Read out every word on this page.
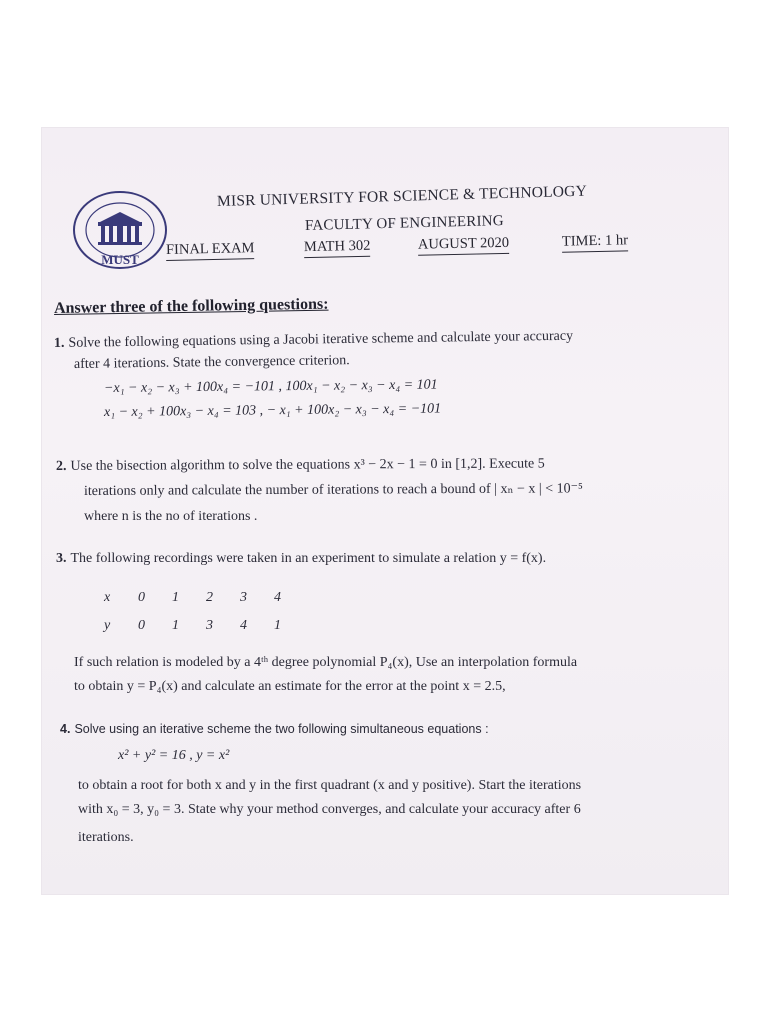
MUST
MISR UNIVERSITY FOR SCIENCE & TECHNOLOGY
FACULTY OF ENGINEERING
FINAL EXAM	MATH 302	AUGUST 2020	TIME: 1 hr
Answer three of the following questions:
1. Solve the following equations using a Jacobi iterative scheme and calculate your accuracy
after 4 iterations. State the convergence criterion.
−x₁ − x₂ − x₃ + 100x₄ = −101 , 100x₁ − x₂ − x₃ − x₄ = 101
x₁ − x₂ + 100x₃ − x₄ = 103 , − x₁ + 100x₂ − x₃ − x₄ = −101
2. Use the bisection algorithm to solve the equations x³ − 2x − 1 = 0 in [1,2]. Execute 5
iterations only and calculate the number of iterations to reach a bound of | xₙ − x | < 10⁻⁵
where n is the no of iterations .
3. The following recordings were taken in an experiment to simulate a relation y = f(x).
x 0 1 2 3 4
y 0 1 3 4 1
If such relation is modeled by a 4ᵗʰ degree polynomial P₄(x), Use an interpolation formula
to obtain y = P₄(x) and calculate an estimate for the error at the point x = 2.5,
4. Solve using an iterative scheme the two following simultaneous equations :
x² + y² = 16 , y = x²
to obtain a root for both x and y in the first quadrant (x and y positive). Start the iterations
with x₀ = 3, y₀ = 3. State why your method converges, and calculate your accuracy after 6
iterations.
